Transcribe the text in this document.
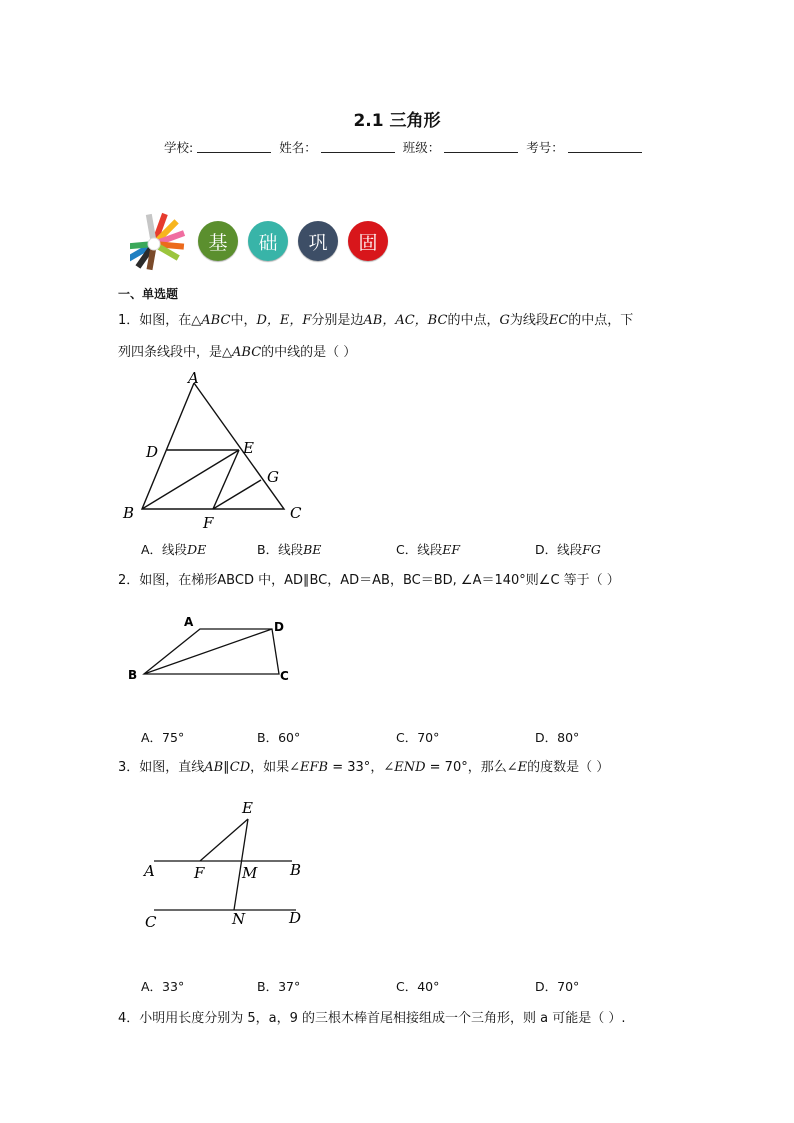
2.1 三角形
学校:	姓名：	班级：	考号：
基	础	巩	固
一、单选题
1．如图，在△ABC中，D，E，F分别是边AB，AC，BC的中点，G为线段EC的中点，下
列四条线段中，是△ABC的中线的是（ ）
A
B	C
D	E
F
G
A．线段DE	B．线段BE	C．线段EF	D．线段FG
2．如图，在梯形ABCD 中，AD∥BC，AD＝AB，BC＝BD, ∠A＝140°则∠C 等于（ ）
A
B	C
D
A．75°	B．60°	C．70°	D．80°
3．如图，直线AB∥CD，如果∠EFB = 33°，∠END = 70°，那么∠E的度数是（ ）
E
A	F	M B
C	N	D
A．33°	B．37°	C．40°	D．70°
4．小明用长度分别为 5，a，9 的三根木棒首尾相接组成一个三角形，则 a 可能是（ ）.
